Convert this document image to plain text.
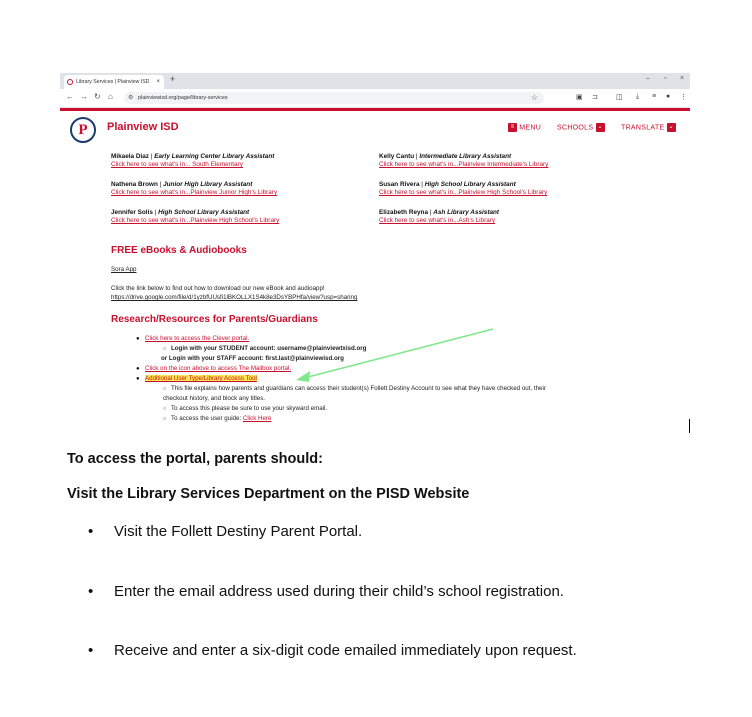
Library Services | Plainview ISD × +	– ▫ ×
← → ↻ ⌂	⚙ plainviewisd.org/page/library-services	☆	▣ ⊐	◫ ⤓ ≡ ● ⋮
P	Plainview ISD	≡ MENU SCHOOLS ⌄	TRANSLATE ⌄
Mikaela Diaz | Early Learning Center Library Assistant
Click here to see what's in... South Elementary
Kelly Cantu | Intermediate Library Assistant
Click here to see what's in...Plainview Intermediate's Library
Nathena Brown | Junior High Library Assistant
Click here to see what's in...Plainview Junior High's Library
Susan Rivera | High School Library Assistant
Click here to see what's in...Plainview High School's Library
Jennifer Solis | High School Library Assistant
Click here to see what's in...Plainview High School's Library
Elizabeth Reyna | Ash Library Assistant
Click here to see what's in...Ash's Library
FREE eBooks & Audiobooks
Sora App
Click the link below to find out how to download our new eBook and audioapp!
https://drive.google.com/file/d/1yzbfUUsfi1lBKOLLX1S4k8e3DsYBPHfa/view?usp=sharing
Research/Resources for Parents/Guardians
● Click here to access the Clever portal.
○ Login with your STUDENT account: username@plainviewtxisd.org
or Login with your STAFF account: first.last@plainviewisd.org
● Click on the icon above to access The Mailbox portal.
● Additional User Type/Library Access Tool
○ This file explains how parents and guardians can access their student(s) Follett Destiny Account to see what they have checked out, their
checkout history, and block any titles.
○ To access this please be sure to use your skyward email.
○ To access the user guide: Click Here
To access the portal, parents should:
Visit the Library Services Department on the PISD Website
• Visit the Follett Destiny Parent Portal.
• Enter the email address used during their child’s school registration.
• Receive and enter a six-digit code emailed immediately upon request.
